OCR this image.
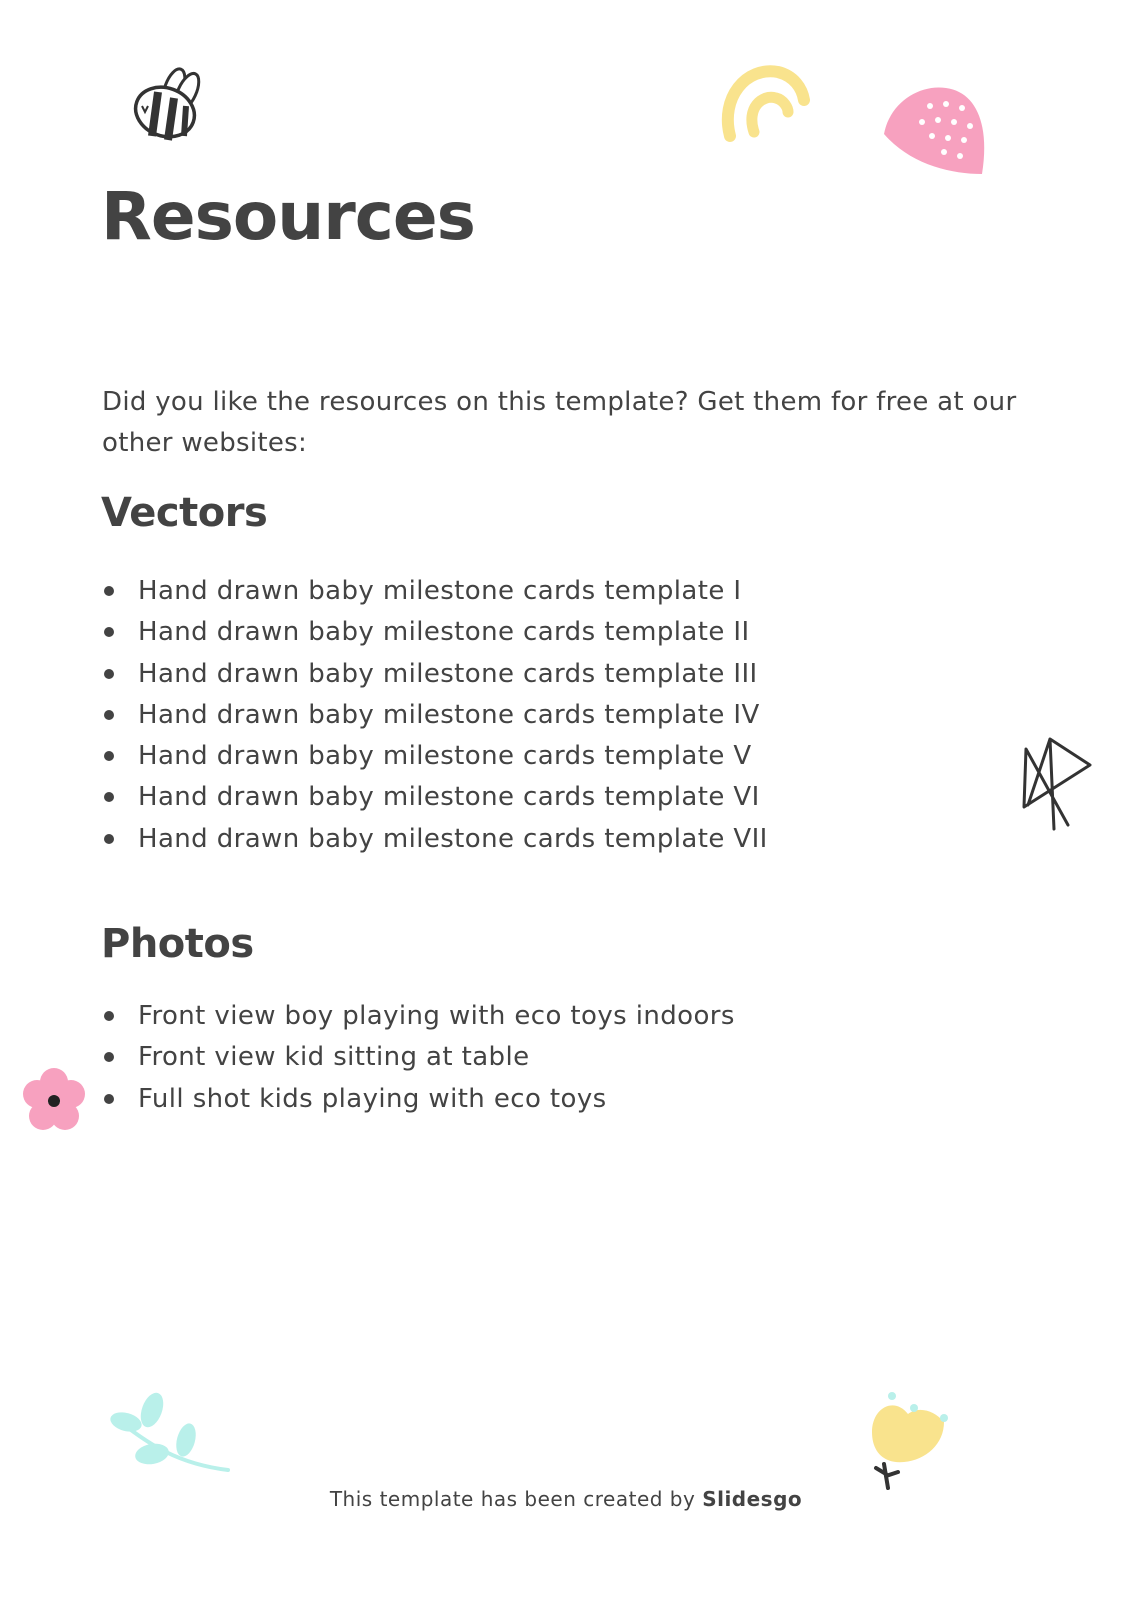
Resources

Did you like the resources on this template? Get them for free at our other websites:

Vectors
Hand drawn baby milestone cards template I
Hand drawn baby milestone cards template II
Hand drawn baby milestone cards template III
Hand drawn baby milestone cards template IV
Hand drawn baby milestone cards template V
Hand drawn baby milestone cards template VI
Hand drawn baby milestone cards template VII
Photos
Front view boy playing with eco toys indoors
Front view kid sitting at table
Full shot kids playing with eco toys
This template has been created by Slidesgo
